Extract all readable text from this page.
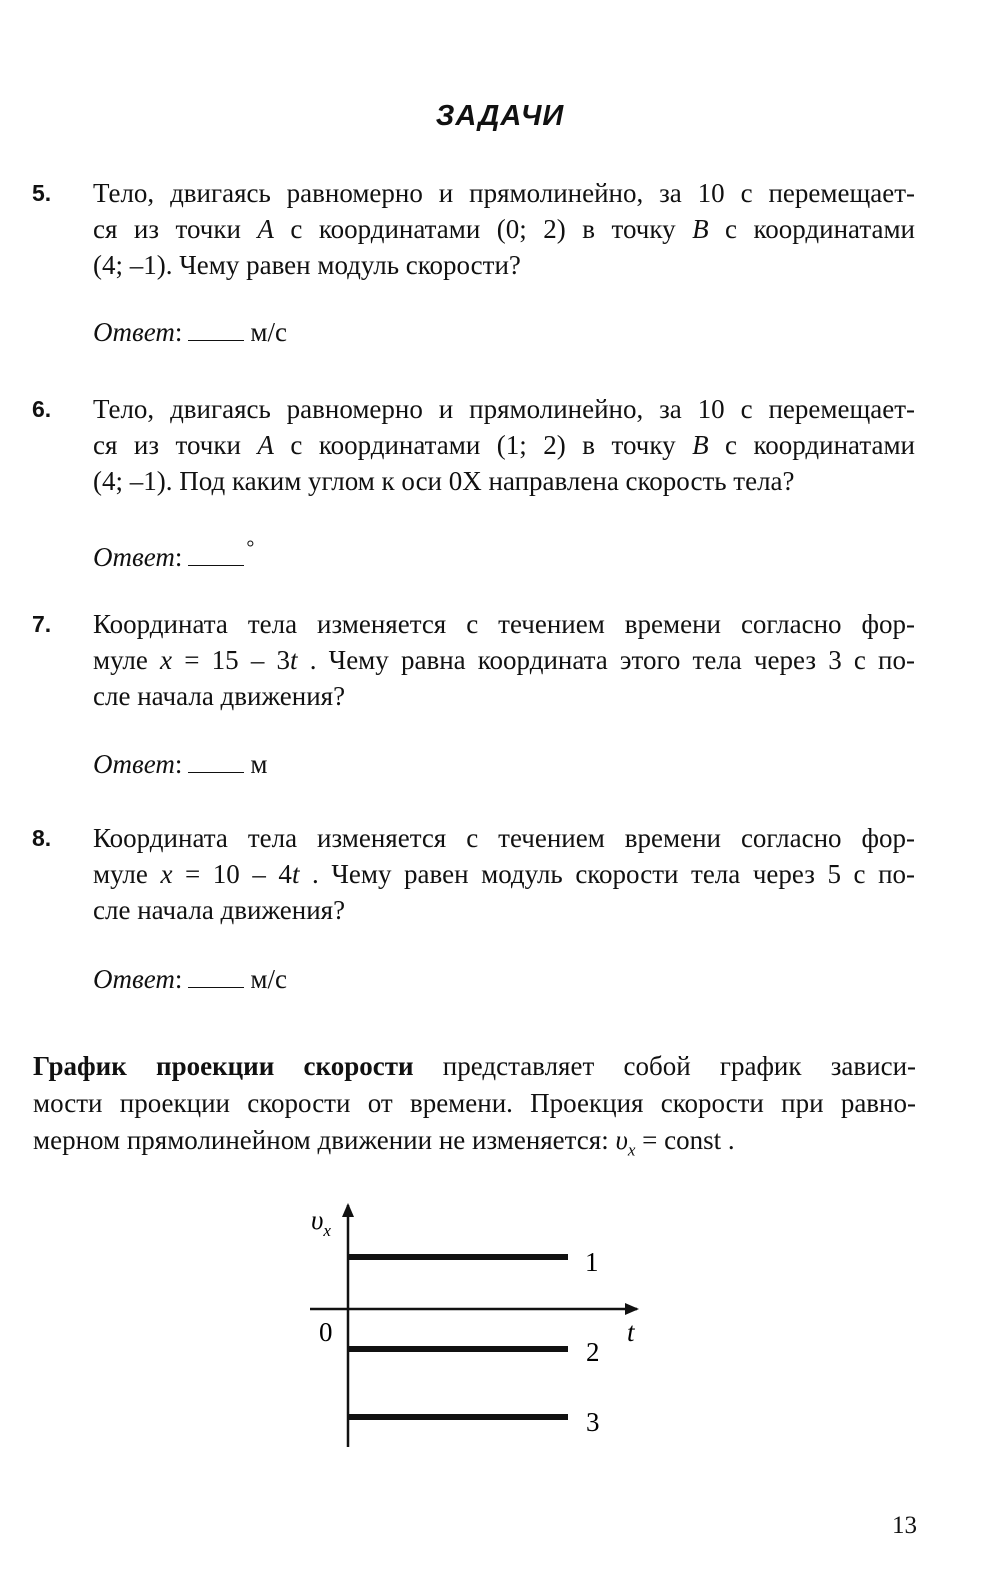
ЗАДАЧИ
5. Тело, двигаясь равномерно и прямолинейно, за 10 с перемещает-
ся из точки A с координатами (0; 2) в точку B с координатами
(4; –1). Чему равен модуль скорости?
Ответ:	м/с
6. Тело, двигаясь равномерно и прямолинейно, за 10 с перемещает-
ся из точки A с координатами (1; 2) в точку B с координатами
(4; –1). Под каким углом к оси 0X направлена скорость тела?
Ответ:	°
7. Координата тела изменяется с течением времени согласно фор-
муле x = 15 – 3t . Чему равна координата этого тела через 3 с по-
сле начала движения?
Ответ:	м
8. Координата тела изменяется с течением времени согласно фор-
муле x = 10 – 4t . Чему равен модуль скорости тела через 5 с по-
сле начала движения?
Ответ:	м/с
График проекции скорости представляет собой график зависи-
мости проекции скорости от времени. Проекция скорости при равно-
мерном прямолинейном движении не изменяется: $\upsilon_x$ = const .
$\upsilon_x$
t
0
1
2
3
13
